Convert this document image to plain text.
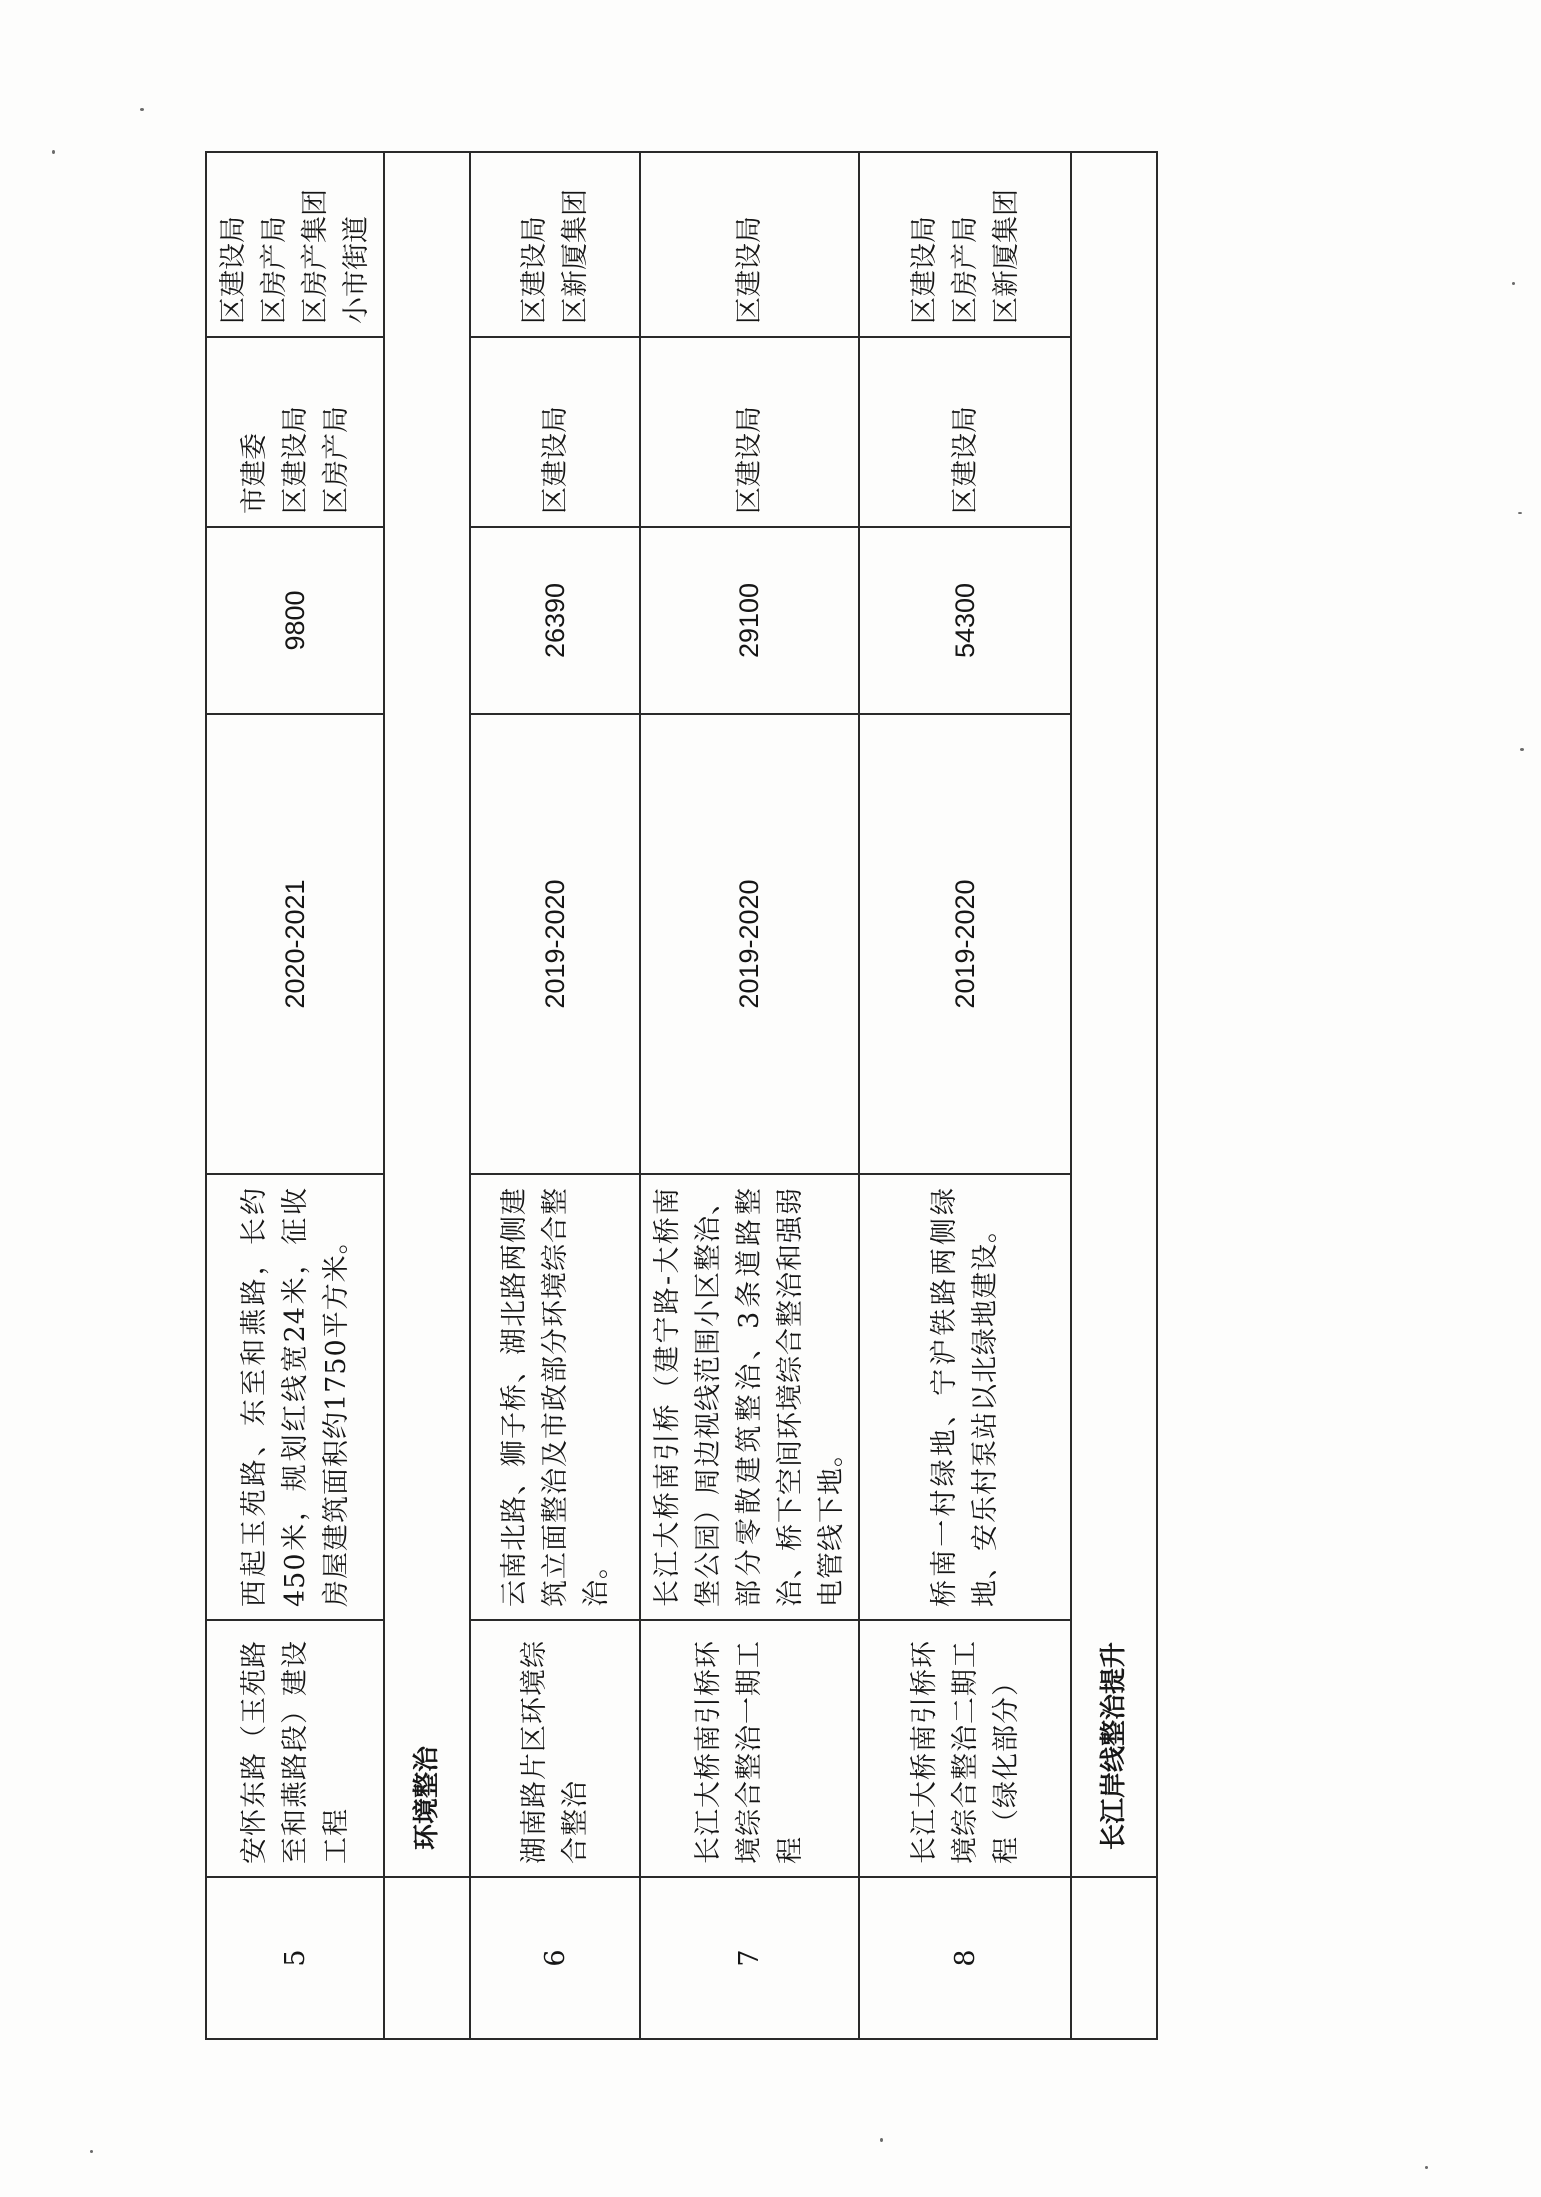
5	安怀东路（玉苑路至和燕路段）建设工程	西起玉苑路、东至和燕路，长约450米，规划红线宽24米，征收房屋建筑面积约1750平方米。	2020-2021	9800	市建委 区建设局 区房产局	区建设局 区房产局 区房产集团 小市街道

	环境整治					
6	湖南路片区环境综合整治	云南北路、狮子桥、湖北路两侧建筑立面整治及市政部分环境综合整治。	2019-2020	26390	区建设局	区建设局 区新厦集团

7	长江大桥南引桥环境综合整治一期工程	长江大桥南引桥（建宁路-大桥南堡公园）周边视线范围小区整治、部分零散建筑整治、3条道路整治、桥下空间环境综合整治和强弱电管线下地。	2019-2020	29100	区建设局	区建设局

8	长江大桥南引桥环境综合整治二期工程（绿化部分）	桥南一村绿地、宁沪铁路两侧绿地、安乐村泵站以北绿地建设。	2019-2020	54300	区建设局	区建设局 区房产局 区新厦集团

	长江岸线整治提升					
